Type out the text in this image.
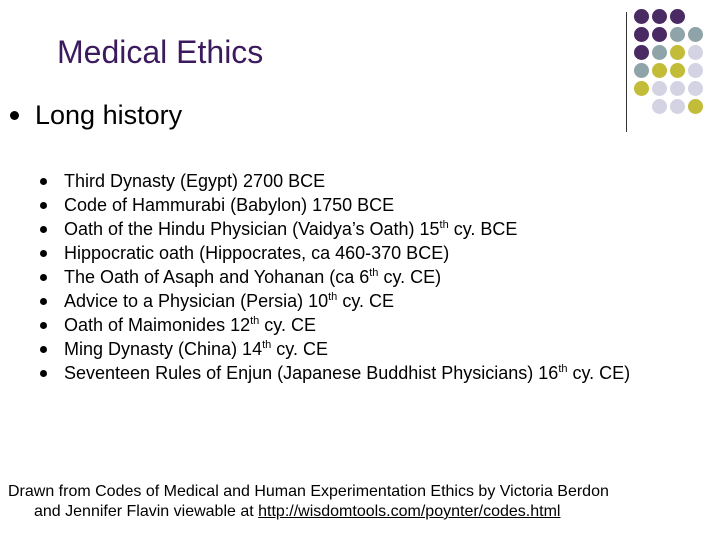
Medical Ethics
Long history
Third Dynasty (Egypt) 2700 BCE
Code of Hammurabi (Babylon) 1750 BCE
Oath of the Hindu Physician (Vaidya’s Oath) 15th cy. BCE
Hippocratic oath (Hippocrates, ca 460-370 BCE)
The Oath of Asaph and Yohanan (ca 6th cy. CE)
Advice to a Physician (Persia) 10th cy. CE
Oath of Maimonides 12th cy. CE
Ming Dynasty (China) 14th cy. CE
Seventeen Rules of Enjun (Japanese Buddhist Physicians) 16th cy. CE)
Drawn from Codes of Medical and Human Experimentation Ethics by Victoria Berdon
and Jennifer Flavin viewable at http://wisdomtools.com/poynter/codes.html
